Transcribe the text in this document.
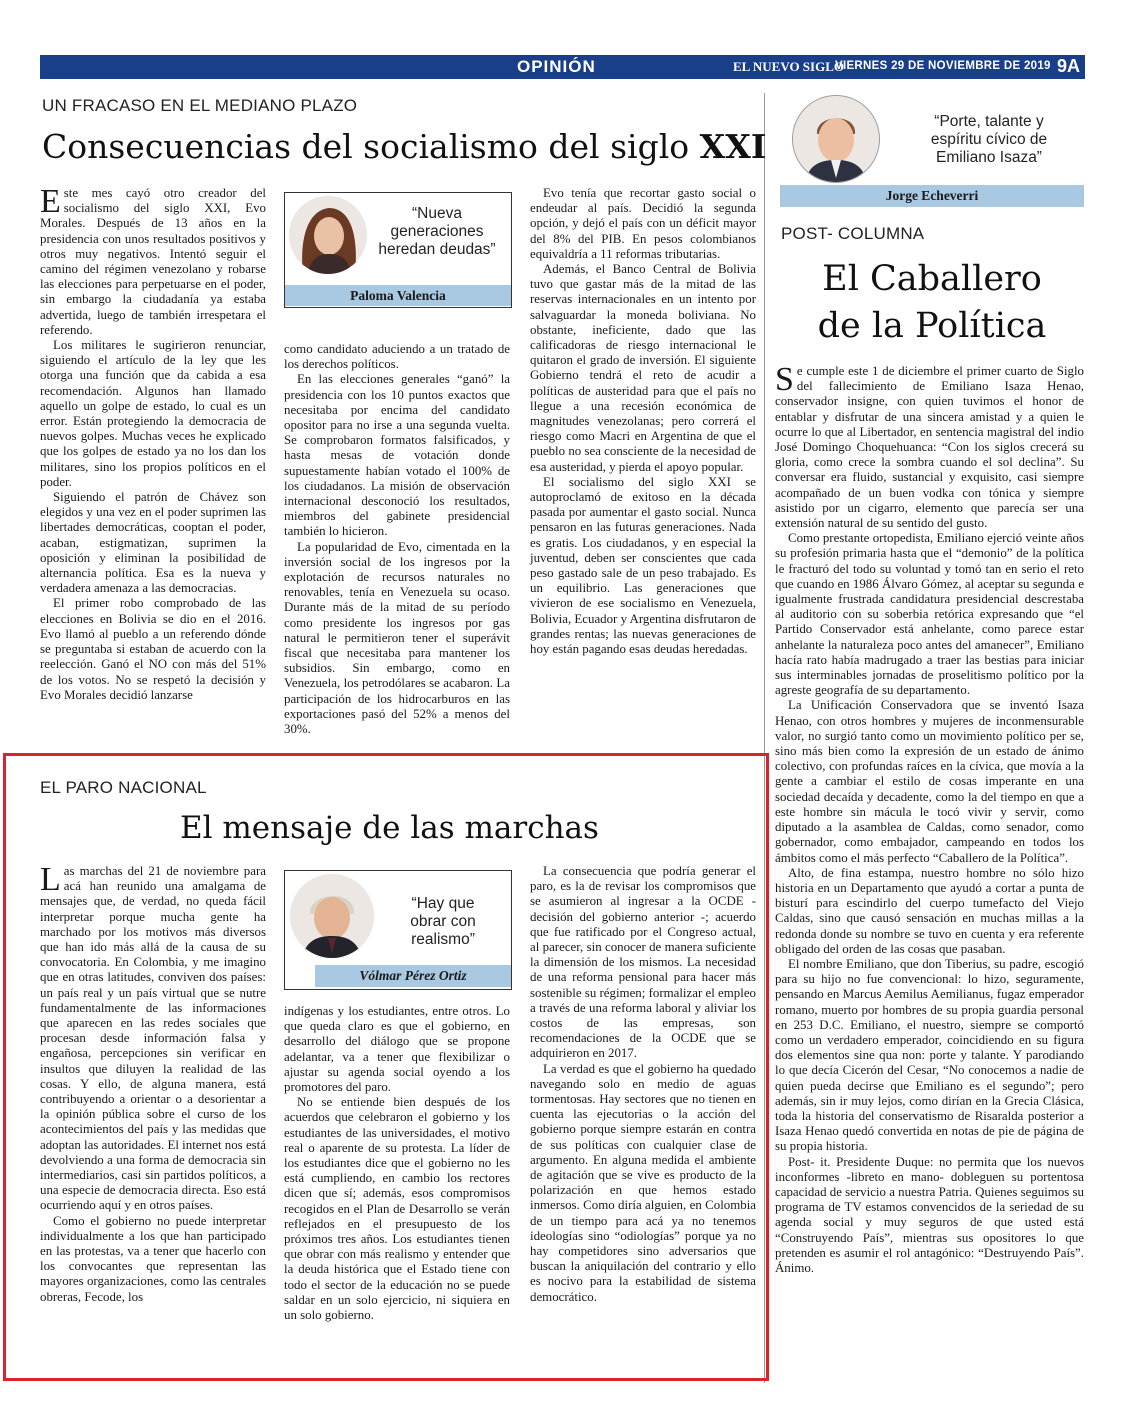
OPINIÓN	EL NUEVO SIGLO
VIERNES 29 DE NOVIEMBRE DE 2019 9A
UN FRACASO EN EL MEDIANO PLAZO
Consecuencias del socialismo del siglo XXI

Este mes cayó otro creador del socialismo del siglo XXI, Evo Morales. Después de 13 años en la presidencia con unos resultados positivos y otros muy negativos. Intentó seguir el camino del régimen venezolano y robarse las elecciones para perpetuarse en el poder, sin embargo la ciudadanía ya estaba advertida, luego de también irrespetara el referendo.

Los militares le sugirieron renunciar, siguiendo el artículo de la ley que les otorga una función que da cabida a esa recomendación. Algunos han llamado aquello un golpe de estado, lo cual es un error. Están protegiendo la democracia de nuevos golpes. Muchas veces he explicado que los golpes de estado ya no los dan los militares, sino los propios políticos en el poder.

Siguiendo el patrón de Chávez son elegidos y una vez en el poder suprimen las libertades democráticas, cooptan el poder, acaban, estigmatizan, suprimen la oposición y eliminan la posibilidad de alternancia política. Esa es la nueva y verdadera amenaza a las democracias.

El primer robo comprobado de las elecciones en Bolivia se dio en el 2016. Evo llamó al pueblo a un referendo dónde se preguntaba si estaban de acuerdo con la reelección. Ganó el NO con más del 51% de los votos. No se respetó la decisión y Evo Morales decidió lanzarse

“Nueva generaciones heredan deudas”
Paloma Valencia

como candidato aduciendo a un tratado de los derechos políticos.

En las elecciones generales “ganó” la presidencia con los 10 puntos exactos que necesitaba por encima del candidato opositor para no irse a una segunda vuelta. Se comprobaron formatos falsificados, y hasta mesas de votación donde supuestamente habían votado el 100% de los ciudadanos. La misión de observación internacional desconoció los resultados, miembros del gabinete presidencial también lo hicieron.

La popularidad de Evo, cimentada en la inversión social de los ingresos por la explotación de recursos naturales no renovables, tenía en Venezuela su ocaso. Durante más de la mitad de su período como presidente los ingresos por gas natural le permitieron tener el superávit fiscal que necesitaba para mantener los subsidios. Sin embargo, como en Venezuela, los petrodólares se acabaron. La participación de los hidrocarburos en las exportaciones pasó del 52% a menos del 30%.

Evo tenía que recortar gasto social o endeudar al país. Decidió la segunda opción, y dejó el país con un déficit mayor del 8% del PIB. En pesos colombianos equivaldría a 11 reformas tributarias.

Además, el Banco Central de Bolivia tuvo que gastar más de la mitad de las reservas internacionales en un intento por salvaguardar la moneda boliviana. No obstante, ineficiente, dado que las calificadoras de riesgo internacional le quitaron el grado de inversión. El siguiente Gobierno tendrá el reto de acudir a políticas de austeridad para que el país no llegue a una recesión económica de magnitudes venezolanas; pero correrá el riesgo como Macri en Argentina de que el pueblo no sea consciente de la necesidad de esa austeridad, y pierda el apoyo popular.

El socialismo del siglo XXI se autoproclamó de exitoso en la década pasada por aumentar el gasto social. Nunca pensaron en las futuras generaciones. Nada es gratis. Los ciudadanos, y en especial la juventud, deben ser conscientes que cada peso gastado sale de un peso trabajado. Es un equilibrio. Las generaciones que vivieron de ese socialismo en Venezuela, Bolivia, Ecuador y Argentina disfrutaron de grandes rentas; las nuevas generaciones de hoy están pagando esas deudas heredadas.

EL PARO NACIONAL
El mensaje de las marchas

Las marchas del 21 de noviembre para acá han reunido una amalgama de mensajes que, de verdad, no queda fácil interpretar porque mucha gente ha marchado por los motivos más diversos que han ido más allá de la causa de su convocatoria. En Colombia, y me imagino que en otras latitudes, conviven dos países: un país real y un país virtual que se nutre fundamentalmente de las informaciones que aparecen en las redes sociales que procesan desde información falsa y engañosa, percepciones sin verificar en insultos que diluyen la realidad de las cosas. Y ello, de alguna manera, está contribuyendo a orientar o a desorientar a la opinión pública sobre el curso de los acontecimientos del país y las medidas que adoptan las autoridades. El internet nos está devolviendo a una forma de democracia sin intermediarios, casi sin partidos políticos, a una especie de democracia directa. Eso está ocurriendo aquí y en otros países.

Como el gobierno no puede interpretar individualmente a los que han participado en las protestas, va a tener que hacerlo con los convocantes que representan las mayores organizaciones, como las centrales obreras, Fecode, los

“Hay que obrar con realismo”
Vólmar Pérez Ortiz

indígenas y los estudiantes, entre otros. Lo que queda claro es que el gobierno, en desarrollo del diálogo que se propone adelantar, va a tener que flexibilizar o ajustar su agenda social oyendo a los promotores del paro.

No se entiende bien después de los acuerdos que celebraron el gobierno y los estudiantes de las universidades, el motivo real o aparente de su protesta. La líder de los estudiantes dice que el gobierno no les está cumpliendo, en cambio los rectores dicen que sí; además, esos compromisos recogidos en el Plan de Desarrollo se verán reflejados en el presupuesto de los próximos tres años. Los estudiantes tienen que obrar con más realismo y entender que la deuda histórica que el Estado tiene con todo el sector de la educación no se puede saldar en un solo ejercicio, ni siquiera en un solo gobierno.

La consecuencia que podría generar el paro, es la de revisar los compromisos que se asumieron al ingresar a la OCDE -decisión del gobierno anterior -; acuerdo que fue ratificado por el Congreso actual, al parecer, sin conocer de manera suficiente la dimensión de los mismos. La necesidad de una reforma pensional para hacer más sostenible su régimen; formalizar el empleo a través de una reforma laboral y aliviar los costos de las empresas, son recomendaciones de la OCDE que se adquirieron en 2017.

La verdad es que el gobierno ha quedado navegando solo en medio de aguas tormentosas. Hay sectores que no tienen en cuenta las ejecutorias o la acción del gobierno porque siempre estarán en contra de sus políticas con cualquier clase de argumento. En alguna medida el ambiente de agitación que se vive es producto de la polarización en que hemos estado inmersos. Como diría alguien, en Colombia de un tiempo para acá ya no tenemos ideologías sino “odiologías” porque ya no hay competidores sino adversarios que buscan la aniquilación del contrario y ello es nocivo para la estabilidad de sistema democrático.

“Porte, talante y espíritu cívico de Emiliano Isaza”
Jorge Echeverri
POST- COLUMNA
El Caballero
de la Política

Se cumple este 1 de diciembre el primer cuarto de Siglo del fallecimiento de Emiliano Isaza Henao, conservador insigne, con quien tuvimos el honor de entablar y disfrutar de una sincera amistad y a quien le ocurre lo que al Libertador, en sentencia magistral del indio José Domingo Choquehuanca: “Con los siglos crecerá su gloria, como crece la sombra cuando el sol declina”. Su conversar era fluido, sustancial y exquisito, casi siempre acompañado de un buen vodka con tónica y siempre asistido por un cigarro, elemento que parecía ser una extensión natural de su sentido del gusto.

Como prestante ortopedista, Emiliano ejerció veinte años su profesión primaria hasta que el “demonio” de la política le fracturó del todo su voluntad y tomó tan en serio el reto que cuando en 1986 Álvaro Gómez, al aceptar su segunda e igualmente frustrada candidatura presidencial descrestaba al auditorio con su soberbia retórica expresando que “el Partido Conservador está anhelante, como parece estar anhelante la naturaleza poco antes del amanecer”, Emiliano hacía rato había madrugado a traer las bestias para iniciar sus interminables jornadas de proselitismo político por la agreste geografía de su departamento.

La Unificación Conservadora que se inventó Isaza Henao, con otros hombres y mujeres de inconmensurable valor, no surgió tanto como un movimiento político per se, sino más bien como la expresión de un estado de ánimo colectivo, con profundas raíces en la cívica, que movía a la gente a cambiar el estilo de cosas imperante en una sociedad decaída y decadente, como la del tiempo en que a este hombre sin mácula le tocó vivir y servir, como diputado a la asamblea de Caldas, como senador, como gobernador, como embajador, campeando en todos los ámbitos como el más perfecto “Caballero de la Política”.

Alto, de fina estampa, nuestro hombre no sólo hizo historia en un Departamento que ayudó a cortar a punta de bisturí para escindirlo del cuerpo tumefacto del Viejo Caldas, sino que causó sensación en muchas millas a la redonda donde su nombre se tuvo en cuenta y era referente obligado del orden de las cosas que pasaban.

El nombre Emiliano, que don Tiberius, su padre, escogió para su hijo no fue convencional: lo hizo, seguramente, pensando en Marcus Aemilus Aemilianus, fugaz emperador romano, muerto por hombres de su propia guardia personal en 253 D.C. Emiliano, el nuestro, siempre se comportó como un verdadero emperador, coincidiendo en su figura dos elementos sine qua non: porte y talante. Y parodiando lo que decía Cicerón del Cesar, “No conocemos a nadie de quien pueda decirse que Emiliano es el segundo”; pero además, sin ir muy lejos, como dirían en la Grecia Clásica, toda la historia del conservatismo de Risaralda posterior a Isaza Henao quedó convertida en notas de pie de página de su propia historia.

Post- it. Presidente Duque: no permita que los nuevos inconformes -libreto en mano- dobleguen su portentosa capacidad de servicio a nuestra Patria. Quienes seguimos su programa de TV estamos convencidos de la seriedad de su agenda social y muy seguros de que usted está “Construyendo País”, mientras sus opositores lo que pretenden es asumir el rol antagónico: “Destruyendo País”. Ánimo.
